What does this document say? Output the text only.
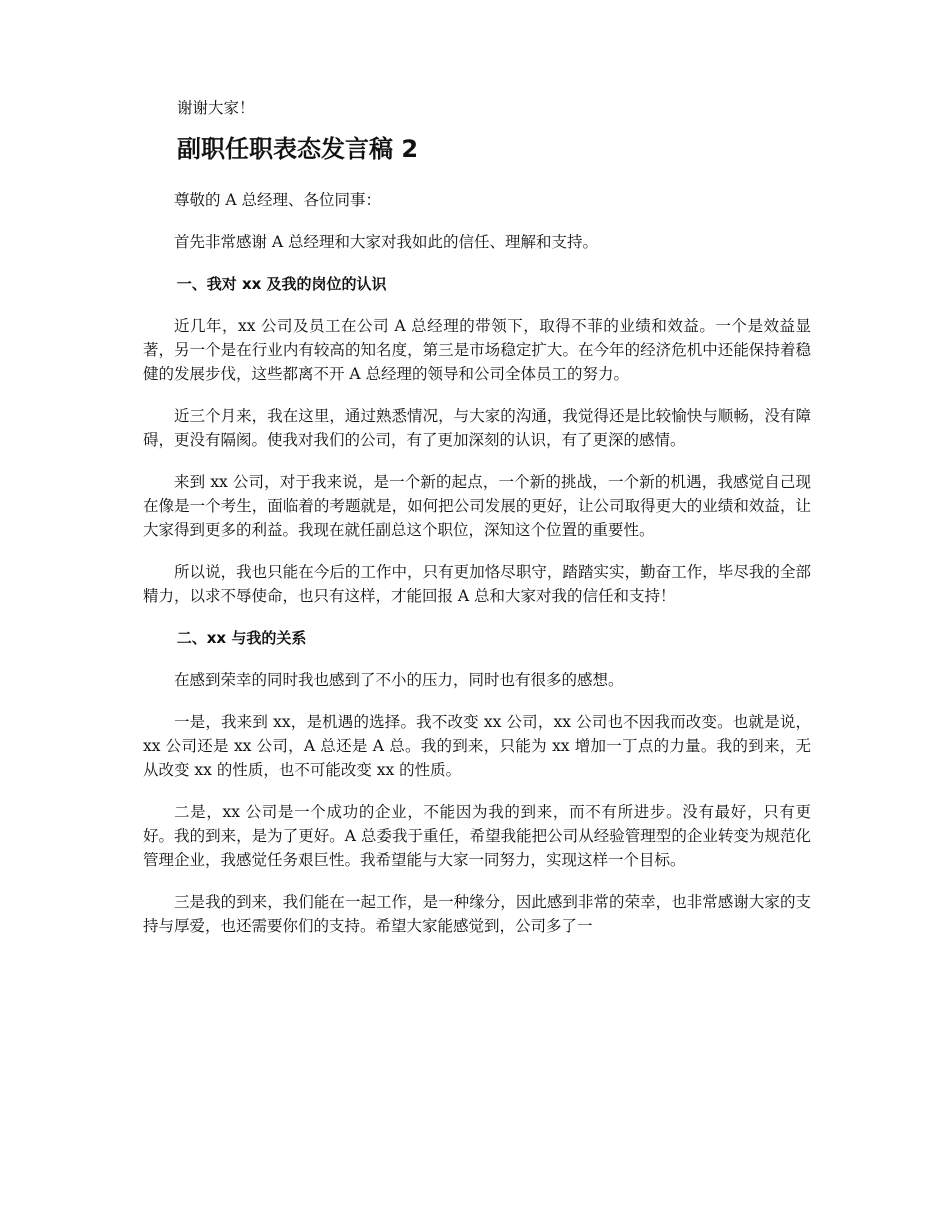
谢谢大家！

副职任职表态发言稿 2

尊敬的 A 总经理、各位同事：

首先非常感谢 A 总经理和大家对我如此的信任、理解和支持。

一、我对 xx 及我的岗位的认识

近几年，xx 公司及员工在公司 A 总经理的带领下，取得不菲的业绩和效益。一个是效益显著，另一个是在行业内有较高的知名度，第三是市场稳定扩大。在今年的经济危机中还能保持着稳健的发展步伐，这些都离不开 A 总经理的领导和公司全体员工的努力。

近三个月来，我在这里，通过熟悉情况，与大家的沟通，我觉得还是比较愉快与顺畅，没有障碍，更没有隔阂。使我对我们的公司，有了更加深刻的认识，有了更深的感情。

来到 xx 公司，对于我来说，是一个新的起点，一个新的挑战，一个新的机遇，我感觉自己现在像是一个考生，面临着的考题就是，如何把公司发展的更好，让公司取得更大的业绩和效益，让大家得到更多的利益。我现在就任副总这个职位，深知这个位置的重要性。

所以说，我也只能在今后的工作中，只有更加恪尽职守，踏踏实实，勤奋工作，毕尽我的全部精力，以求不辱使命，也只有这样，才能回报 A 总和大家对我的信任和支持！

二、xx 与我的关系

在感到荣幸的同时我也感到了不小的压力，同时也有很多的感想。

一是，我来到 xx，是机遇的选择。我不改变 xx 公司，xx 公司也不因我而改变。也就是说，xx 公司还是 xx 公司，A 总还是 A 总。我的到来，只能为 xx 增加一丁点的力量。我的到来，无从改变 xx 的性质，也不可能改变 xx 的性质。

二是，xx 公司是一个成功的企业，不能因为我的到来，而不有所进步。没有最好，只有更好。我的到来，是为了更好。A 总委我于重任，希望我能把公司从经验管理型的企业转变为规范化管理企业，我感觉任务艰巨性。我希望能与大家一同努力，实现这样一个目标。

三是我的到来，我们能在一起工作，是一种缘分，因此感到非常的荣幸，也非常感谢大家的支持与厚爱，也还需要你们的支持。希望大家能感觉到，公司多了一
